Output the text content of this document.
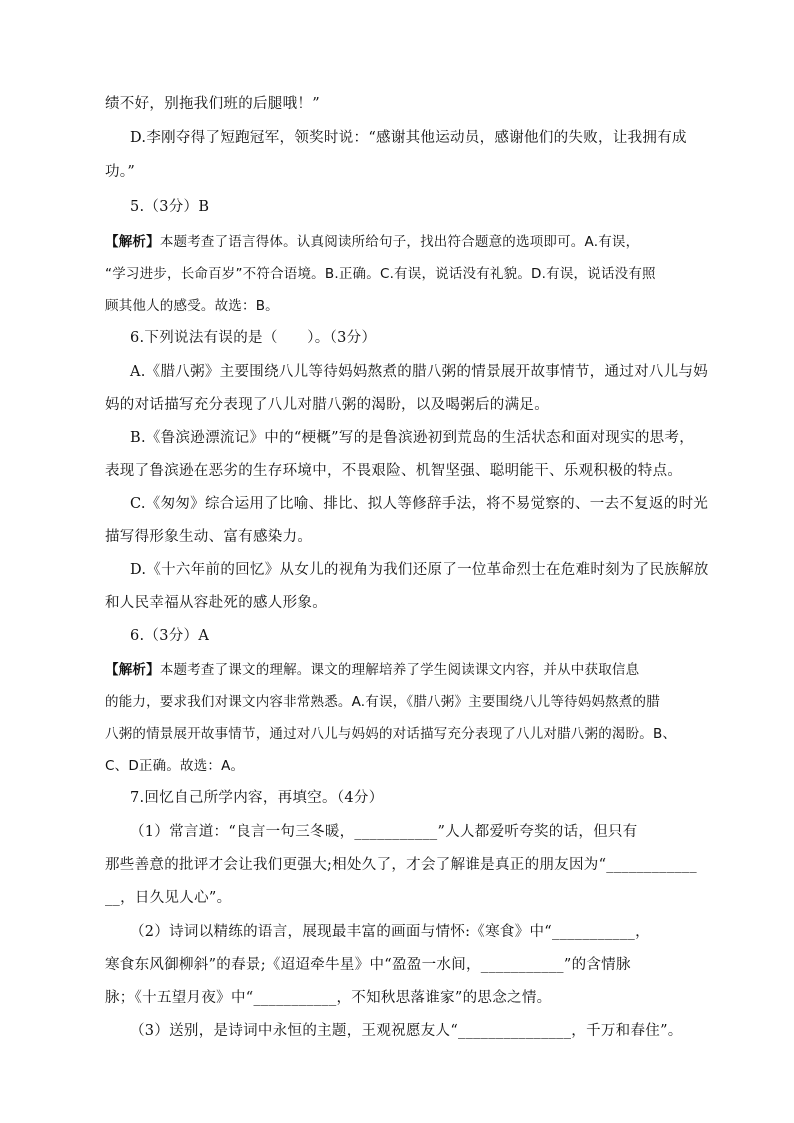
绩不好，别拖我们班的后腿哦！”
D.李刚夺得了短跑冠军，领奖时说：“感谢其他运动员，感谢他们的失败，让我拥有成
功。”
5.（3分）B
【解析】本题考查了语言得体。认真阅读所给句子，找出符合题意的选项即可。A.有误，
“学习进步，长命百岁”不符合语境。B.正确。C.有误，说话没有礼貌。D.有误，说话没有照
顾其他人的感受。故选：B。
6.下列说法有误的是（　　）。（3分）
A.《腊八粥》主要围绕八儿等待妈妈熬煮的腊八粥的情景展开故事情节，通过对八儿与妈
妈的对话描写充分表现了八儿对腊八粥的渴盼，以及喝粥后的满足。
B.《鲁滨逊漂流记》中的“梗概”写的是鲁滨逊初到荒岛的生活状态和面对现实的思考，
表现了鲁滨逊在恶劣的生存环境中，不畏艰险、机智坚强、聪明能干、乐观积极的特点。
C.《匆匆》综合运用了比喻、排比、拟人等修辞手法，将不易觉察的、一去不复返的时光
描写得形象生动、富有感染力。
D.《十六年前的回忆》从女儿的视角为我们还原了一位革命烈士在危难时刻为了民族解放
和人民幸福从容赴死的感人形象。
6.（3分）A
【解析】本题考查了课文的理解。课文的理解培养了学生阅读课文内容，并从中获取信息
的能力，要求我们对课文内容非常熟悉。A.有误，《腊八粥》主要围绕八儿等待妈妈熬煮的腊
八粥的情景展开故事情节，通过对八儿与妈妈的对话描写充分表现了八儿对腊八粥的渴盼。B、
C、D正确。故选：A。
7.回忆自己所学内容，再填空。（4分）
（1）常言道：“良言一句三冬暖，___________”人人都爱听夸奖的话，但只有
那些善意的批评才会让我们更强大;相处久了，才会了解谁是真正的朋友因为“____________
__，日久见人心”。
（2）诗词以精练的语言，展现最丰富的画面与情怀:《寒食》中“___________，
寒食东风御柳斜”的春景;《迢迢牵牛星》中“盈盈一水间，___________”的含情脉
脉；《十五望月夜》中“___________，不知秋思落谁家”的思念之情。
（3）送别，是诗词中永恒的主题，王观祝愿友人“_______________，千万和春住”。
